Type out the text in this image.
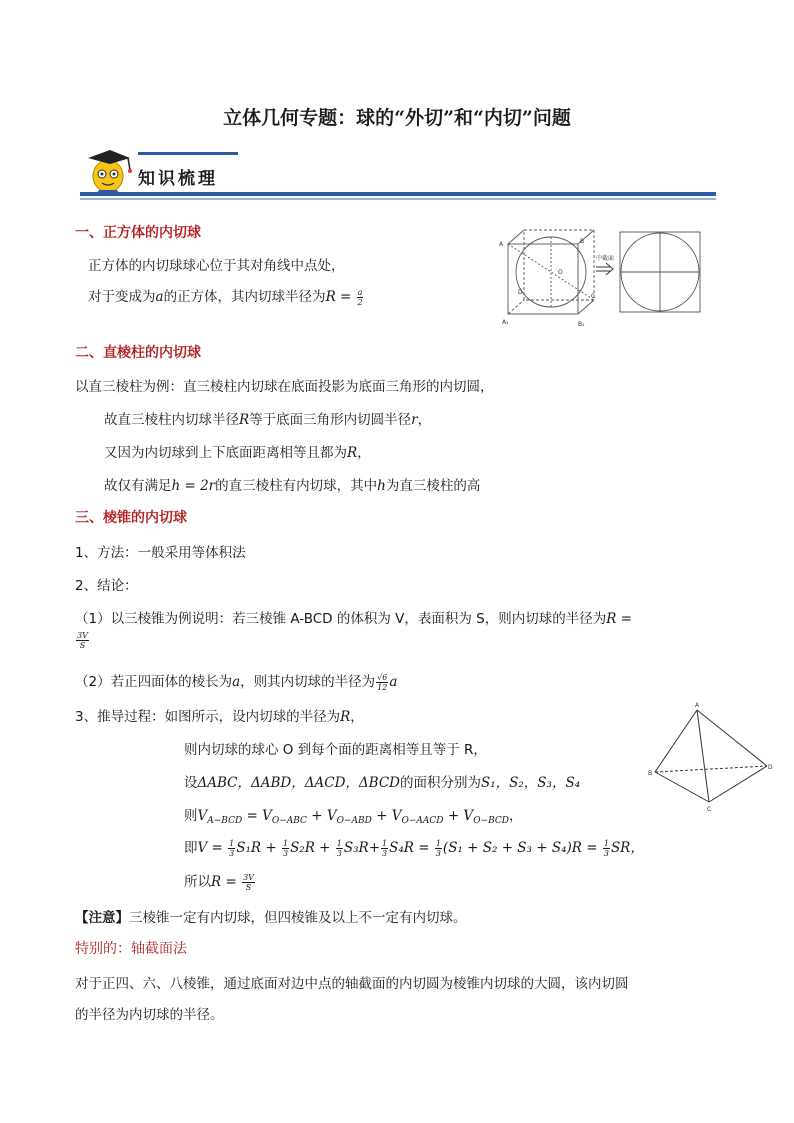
立体几何专题：球的“外切”和“内切”问题
知识梳理
一、正方体的内切球
正方体的内切球球心位于其对角线中点处，
对于变成为a的正方体，其内切球半径为$R = \frac{a}{2}$
A	B
D
O
C
A₁	B₁
中截面
二、直棱柱的内切球
以直三棱柱为例：直三棱柱内切球在底面投影为底面三角形的内切圆，
故直三棱柱内切球半径R等于底面三角形内切圆半径r，
又因为内切球到上下底面距离相等且都为R，
故仅有满足h = 2r的直三棱柱有内切球，其中h为直三棱柱的高
三、棱锥的内切球
1、方法：一般采用等体积法
2、结论：
（1）以三棱锥为例说明：若三棱锥 A-BCD 的体积为 V，表面积为 S，则内切球的半径为R =
$\frac{3V}{S}$
（2）若正四面体的棱长为a，则其内切球的半径为 $\frac{√6}{12}$ a
3、推导过程：如图所示，设内切球的半径为R，
则内切球的球心 O 到每个面的距离相等且等于 R，
设ΔABC，ΔABD，ΔACD，ΔBCD的面积分别为S₁，S₂，S₃，S₄
则$V_{A-BCD} = V_{O-ABC} + V_{O-ABD} + V_{O-AACD} + V_{O-BCD}$，
即$V = \frac{1}{3} S_1R + \frac{1}{3} S_2R + \frac{1}{3} S_3R+ \frac{1}{3} S_4R = \frac{1}{3} (S_1 + S_2 + S_3 + S_4)R = \frac{1}{3}$ SR，
所以$R = \frac{3V}{S}$
A
B
C
D
【注意】三棱锥一定有内切球，但四棱锥及以上不一定有内切球。
特别的：轴截面法
对于正四、六、八棱锥，通过底面对边中点的轴截面的内切圆为棱锥内切球的大圆，该内切圆
的半径为内切球的半径。
